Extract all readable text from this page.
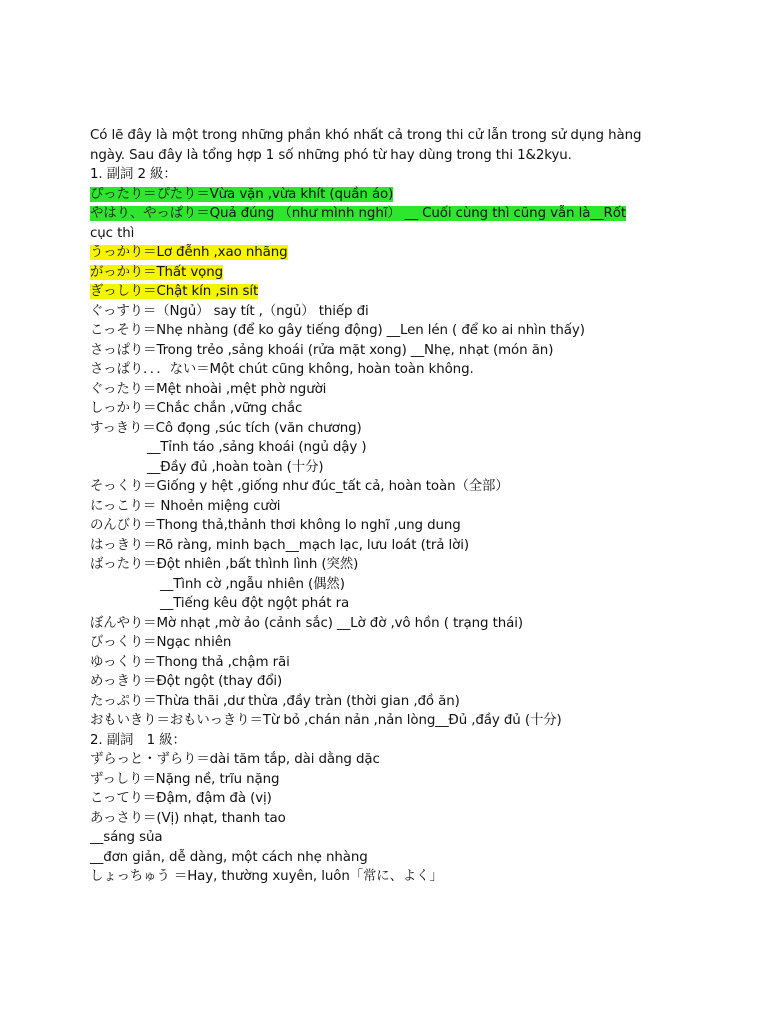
Có lẽ đây là một trong những phần khó nhất cả trong thi cử lẫn trong sử dụng hàng
ngày. Sau đây là tổng hợp 1 số những phó từ hay dùng trong thi 1&2kyu.
1. 副詞 2 級：
ぴったり＝ぴたり＝Vừa vặn ,vừa khít (quần áo)
やはり、やっぱり＝Quả đúng （như mình nghĩ） __ Cuối cùng thì cũng vẫn là__Rốt
cục thì
うっかり＝Lơ đễnh ,xao nhãng
がっかり＝Thất vọng
ぎっしり＝Chật kín ,sin sít
ぐっすり＝（Ngủ） say tít ,（ngủ） thiếp đi
こっそり＝Nhẹ nhàng (để ko gây tiếng động) __Len lén ( để ko ai nhìn thấy)
さっぱり＝Trong trẻo ,sảng khoái (rửa mặt xong) __Nhẹ, nhạt (món ăn)
さっぱり．．．ない＝Một chút cũng không, hoàn toàn không.
ぐったり＝Mệt nhoài ,mệt phờ người
しっかり＝Chắc chắn ,vững chắc
すっきり＝Cô đọng ,súc tích (văn chương)
__Tỉnh táo ,sảng khoái (ngủ dậy )
__Đầy đủ ,hoàn toàn (十分)
そっくり＝Giống y hệt ,giống như đúc_tất cả, hoàn toàn（全部）
にっこり＝ Nhoẻn miệng cười
のんびり＝Thong thả,thảnh thơi không lo nghĩ ,ung dung
はっきり＝Rõ ràng, minh bạch__mạch lạc, lưu loát (trả lời)
ばったり＝Đột nhiên ,bất thình lình (突然)
__Tình cờ ,ngẫu nhiên (偶然)
__Tiếng kêu đột ngột phát ra
ぼんやり＝Mờ nhạt ,mờ ảo (cảnh sắc) __Lờ đờ ,vô hồn ( trạng thái)
びっくり＝Ngạc nhiên
ゆっくり＝Thong thả ,chậm rãi
めっきり＝Đột ngột (thay đổi)
たっぷり＝Thừa thãi ,dư thừa ,đầy tràn (thời gian ,đồ ăn)
おもいきり＝おもいっきり＝Từ bỏ ,chán nản ,nản lòng__Đủ ,đầy đủ (十分)
2. 副詞　1 級：
ずらっと・ずらり＝dài tăm tắp, dài dằng dặc
ずっしり＝Nặng nề, trĩu nặng
こってり＝Đậm, đậm đà (vị)
あっさり＝(Vị) nhạt, thanh tao
__sáng sủa
__đơn giản, dễ dàng, một cách nhẹ nhàng
しょっちゅう ＝Hay, thường xuyên, luôn「常に、よく」
